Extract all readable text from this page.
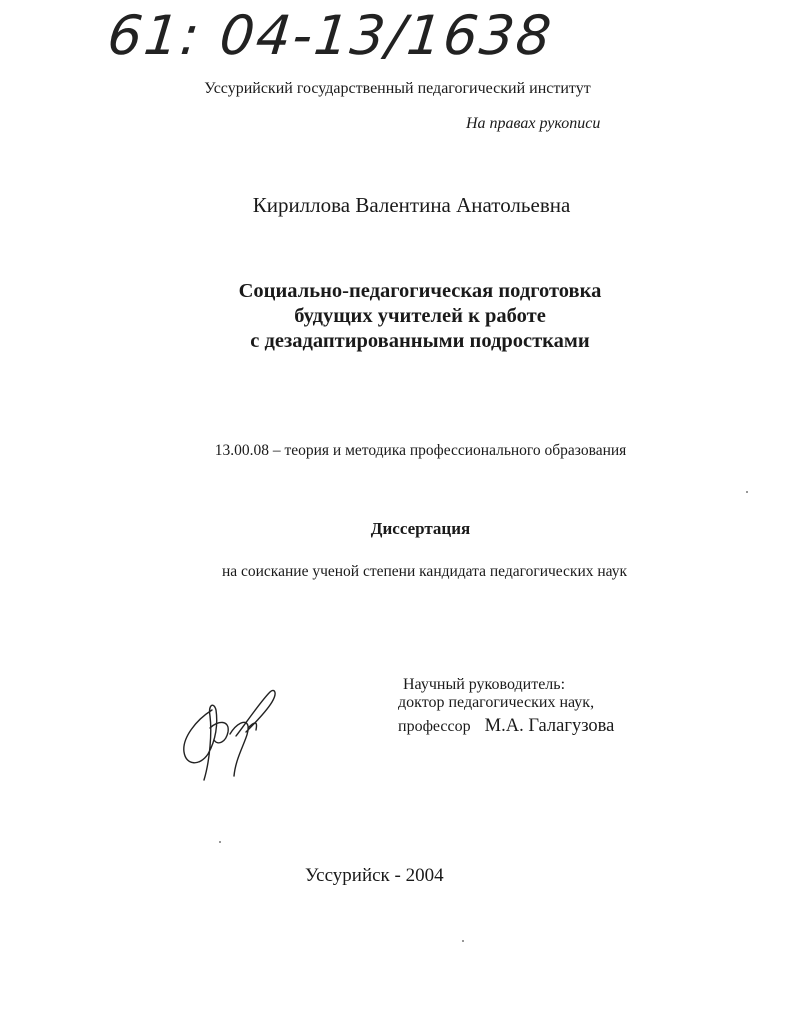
61: 04-13/1638
Уссурийский государственный педагогический институт
На правах рукописи
Кириллова Валентина Анатольевна
Социально-педагогическая подготовка
будущих учителей к работе
с дезадаптированными подростками
13.00.08 – теория и методика профессионального образования
Диссертация
на соискание ученой степени кандидата педагогических наук
Научный руководитель:
доктор педагогических наук,
профессор М.А. Галагузова
Уссурийск - 2004
